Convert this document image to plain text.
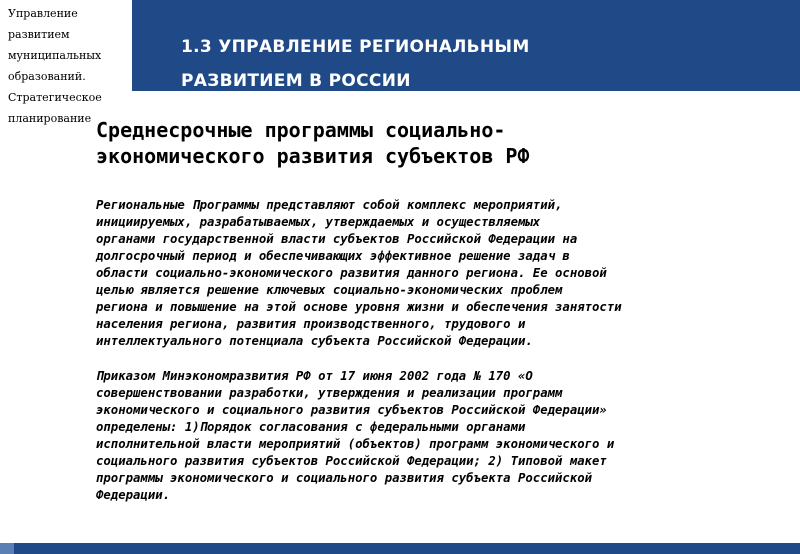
Управление развитием
муниципальных
образований.
Стратегическое
планирование
1.3 УПРАВЛЕНИЕ РЕГИОНАЛЬНЫМ
РАЗВИТИЕМ В РОССИИ
Среднесрочные программы социально-
экономического развития субъектов РФ
Региональные Программы представляют собой комплекс мероприятий,
инициируемых, разрабатываемых, утверждаемых и осуществляемых
органами государственной власти субъектов Российской Федерации на
долгосрочный период и обеспечивающих эффективное решение задач в
области социально-экономического развития данного региона. Ее основой
целью является решение ключевых социально-экономических проблем
региона и повышение на этой основе уровня жизни и обеспечения занятости
населения региона, развития производственного, трудового и
интеллектуального потенциала субъекта Российской Федерации.
Приказом Минэкономразвития РФ от 17 июня 2002 года № 170 «О
совершенствовании разработки, утверждения и реализации программ
экономического и социального развития субъектов Российской Федерации»
определены: 1)Порядок согласования с федеральными органами
исполнительной власти мероприятий (объектов) программ экономического и
социального развития субъектов Российской Федерации; 2) Типовой макет
программы экономического и социального развития субъекта Российской
Федерации.
